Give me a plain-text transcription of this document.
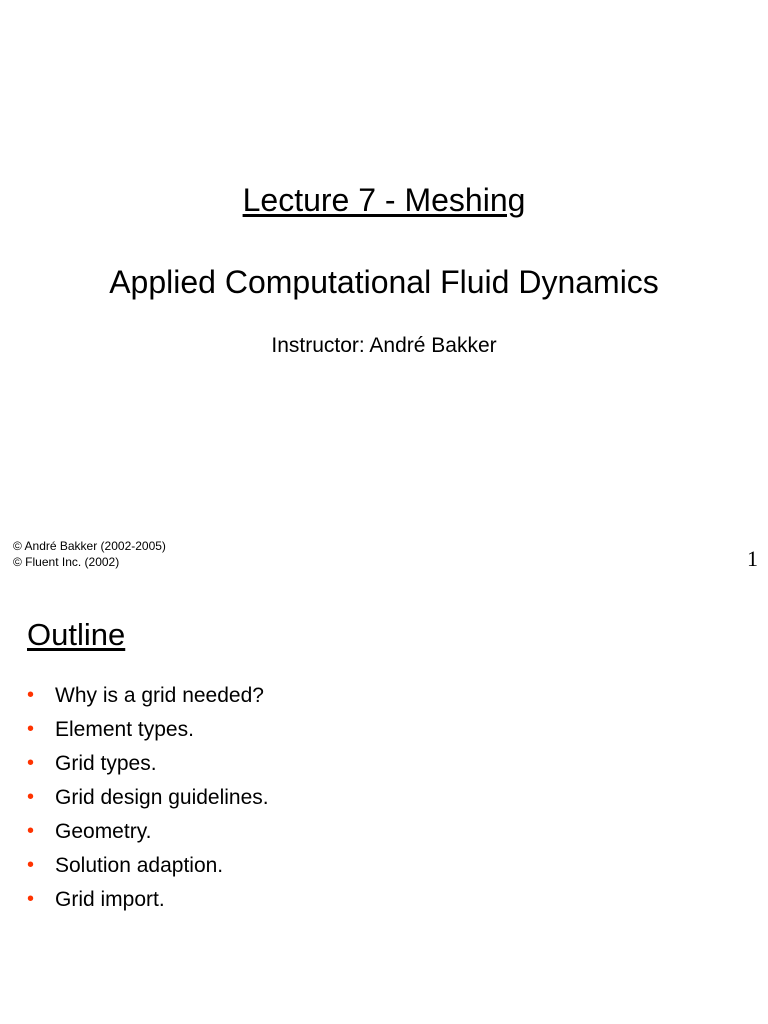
Lecture 7 - Meshing
Applied Computational Fluid Dynamics
Instructor: André Bakker
© André Bakker (2002-2005)
© Fluent Inc. (2002)	1
Outline
• Why is a grid needed?
• Element types.
• Grid types.
• Grid design guidelines.
• Geometry.
• Solution adaption.
• Grid import.
